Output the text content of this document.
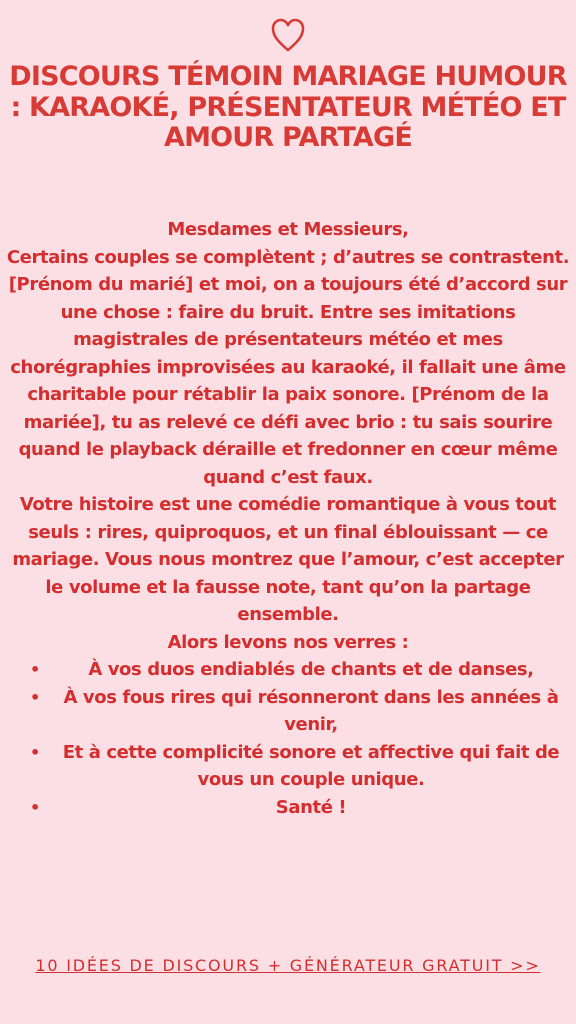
DISCOURS TÉMOIN MARIAGE HUMOUR : KARAOKÉ, PRÉSENTATEUR MÉTÉO ET AMOUR PARTAGÉ

Mesdames et Messieurs,

Certains couples se complètent ; d’autres se contrastent. [Prénom du marié] et moi, on a toujours été d’accord sur une chose : faire du bruit. Entre ses imitations magistrales de présentateurs météo et mes chorégraphies improvisées au karaoké, il fallait une âme charitable pour rétablir la paix sonore. [Prénom de la mariée], tu as relevé ce défi avec brio : tu sais sourire quand le playback déraille et fredonner en cœur même quand c’est faux.

Votre histoire est une comédie romantique à vous tout seuls : rires, quiproquos, et un final éblouissant — ce mariage. Vous nous montrez que l’amour, c’est accepter le volume et la fausse note, tant qu’on la partage ensemble.

Alors levons nos verres :

• À vos duos endiablés de chants et de danses,
• À vos fous rires qui résonneront dans les années à venir,
• Et à cette complicité sonore et affective qui fait de vous un couple unique.
• Santé !
10 IDÉES DE DISCOURS + GÉNÉRATEUR GRATUIT >>
